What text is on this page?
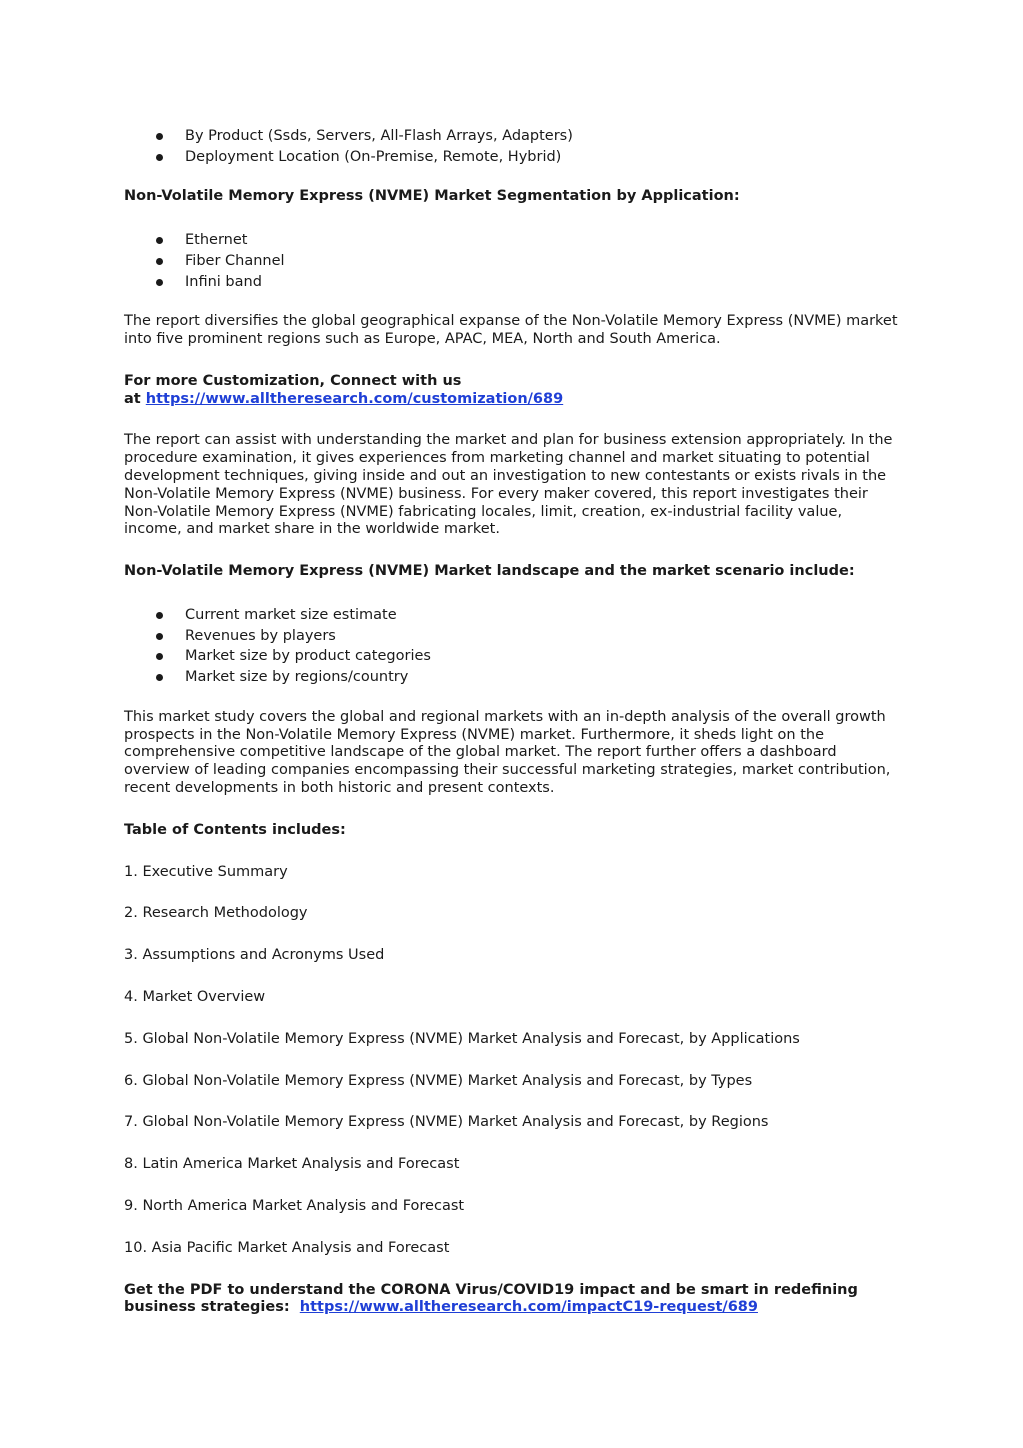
By Product (Ssds, Servers, All-Flash Arrays, Adapters)
Deployment Location (On-Premise, Remote, Hybrid)

Non-Volatile Memory Express (NVME) Market Segmentation by Application:

Ethernet
Fiber Channel
Infini band

The report diversifies the global geographical expanse of the Non-Volatile Memory Express (NVME) market into five prominent regions such as Europe, APAC, MEA, North and South America.

For more Customization, Connect with us
at https://www.alltheresearch.com/customization/689

The report can assist with understanding the market and plan for business extension appropriately. In the procedure examination, it gives experiences from marketing channel and market situating to potential development techniques, giving inside and out an investigation to new contestants or exists rivals in the Non-Volatile Memory Express (NVME) business. For every maker covered, this report investigates their Non-Volatile Memory Express (NVME) fabricating locales, limit, creation, ex-industrial facility value, income, and market share in the worldwide market.

Non-Volatile Memory Express (NVME) Market landscape and the market scenario include:

Current market size estimate
Revenues by players
Market size by product categories
Market size by regions/country

This market study covers the global and regional markets with an in-depth analysis of the overall growth prospects in the Non-Volatile Memory Express (NVME) market. Furthermore, it sheds light on the comprehensive competitive landscape of the global market. The report further offers a dashboard overview of leading companies encompassing their successful marketing strategies, market contribution, recent developments in both historic and present contexts.

Table of Contents includes:

1. Executive Summary
2. Research Methodology
3. Assumptions and Acronyms Used
4. Market Overview
5. Global Non-Volatile Memory Express (NVME) Market Analysis and Forecast, by Applications
6. Global Non-Volatile Memory Express (NVME) Market Analysis and Forecast, by Types
7. Global Non-Volatile Memory Express (NVME) Market Analysis and Forecast, by Regions
8. Latin America Market Analysis and Forecast
9. North America Market Analysis and Forecast
10. Asia Pacific Market Analysis and Forecast

Get the PDF to understand the CORONA Virus/COVID19 impact and be smart in redefining
business strategies: https://www.alltheresearch.com/impactC19-request/689
